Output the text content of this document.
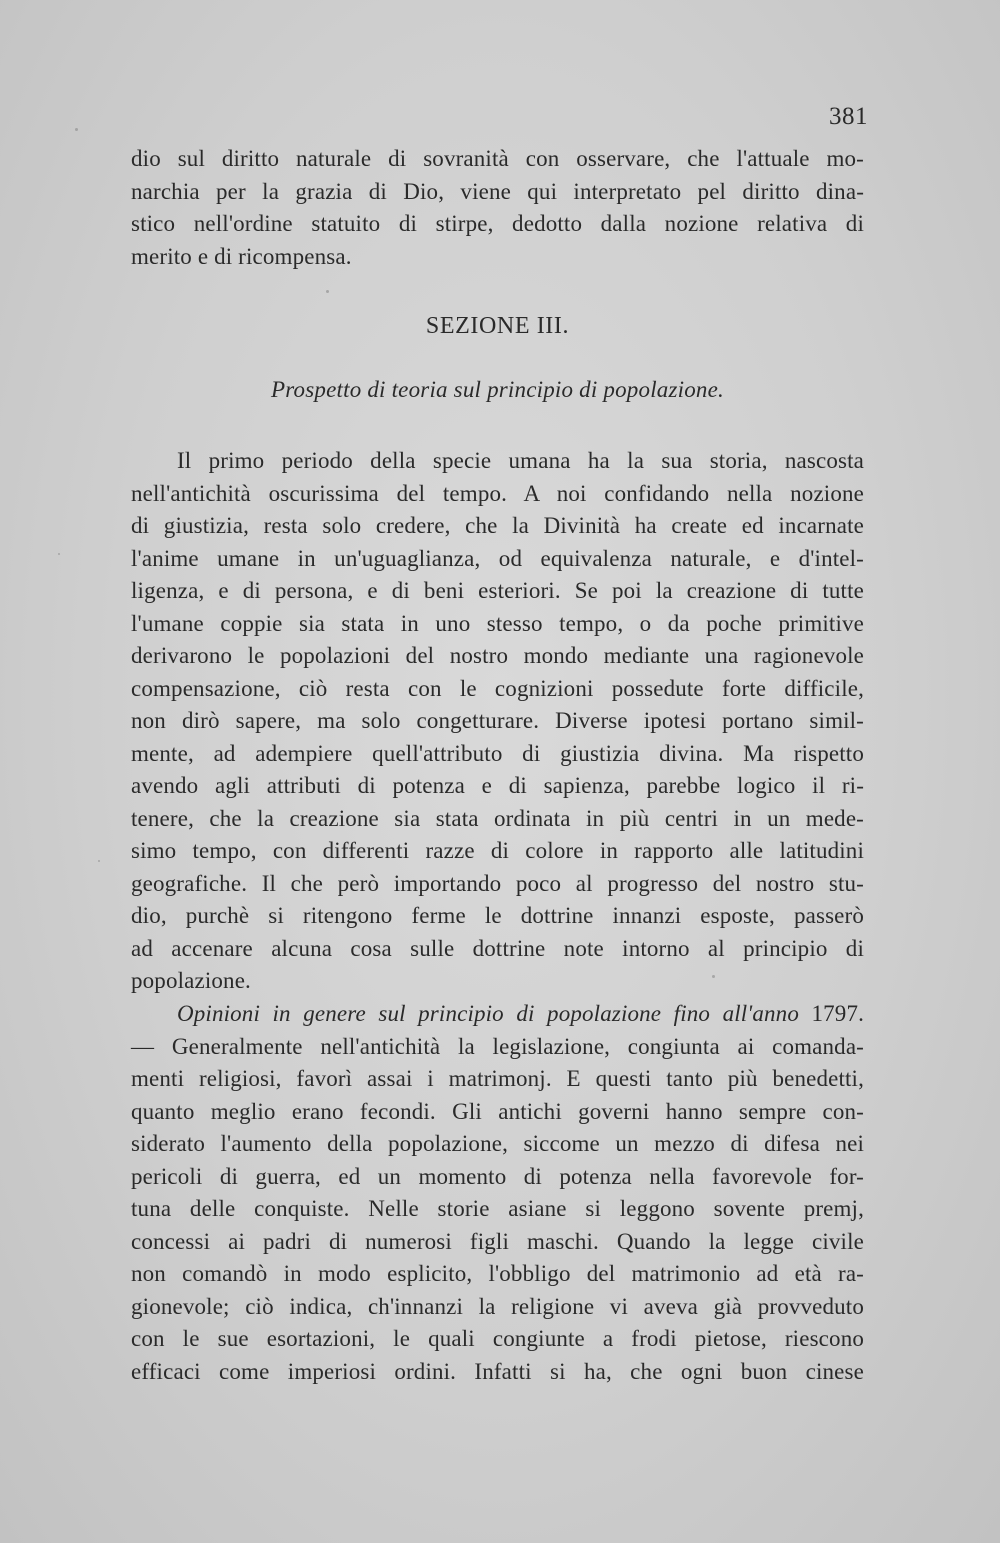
381
dio sul diritto naturale di sovranità con osservare, che l'attuale mo-
narchia per la grazia di Dio, viene qui interpretato pel diritto dina-
stico nell'ordine statuito di stirpe, dedotto dalla nozione relativa di
merito e di ricompensa.
SEZIONE III.
Prospetto di teoria sul principio di popolazione.
Il primo periodo della specie umana ha la sua storia, nascosta
nell'antichità oscurissima del tempo. A noi confidando nella nozione
di giustizia, resta solo credere, che la Divinità ha create ed incarnate
l'anime umane in un'uguaglianza, od equivalenza naturale, e d'intel-
ligenza, e di persona, e di beni esteriori. Se poi la creazione di tutte
l'umane coppie sia stata in uno stesso tempo, o da poche primitive
derivarono le popolazioni del nostro mondo mediante una ragionevole
compensazione, ciò resta con le cognizioni possedute forte difficile,
non dirò sapere, ma solo congetturare. Diverse ipotesi portano simil-
mente, ad adempiere quell'attributo di giustizia divina. Ma rispetto
avendo agli attributi di potenza e di sapienza, parebbe logico il ri-
tenere, che la creazione sia stata ordinata in più centri in un mede-
simo tempo, con differenti razze di colore in rapporto alle latitudini
geografiche. Il che però importando poco al progresso del nostro stu-
dio, purchè si ritengono ferme le dottrine innanzi esposte, passerò
ad accenare alcuna cosa sulle dottrine note intorno al principio di
popolazione.
Opinioni in genere sul principio di popolazione fino all'anno 1797.
— Generalmente nell'antichità la legislazione, congiunta ai comanda-
menti religiosi, favorì assai i matrimonj. E questi tanto più benedetti,
quanto meglio erano fecondi. Gli antichi governi hanno sempre con-
siderato l'aumento della popolazione, siccome un mezzo di difesa nei
pericoli di guerra, ed un momento di potenza nella favorevole for-
tuna delle conquiste. Nelle storie asiane si leggono sovente premj,
concessi ai padri di numerosi figli maschi. Quando la legge civile
non comandò in modo esplicito, l'obbligo del matrimonio ad età ra-
gionevole; ciò indica, ch'innanzi la religione vi aveva già provveduto
con le sue esortazioni, le quali congiunte a frodi pietose, riescono
efficaci come imperiosi ordini. Infatti si ha, che ogni buon cinese
